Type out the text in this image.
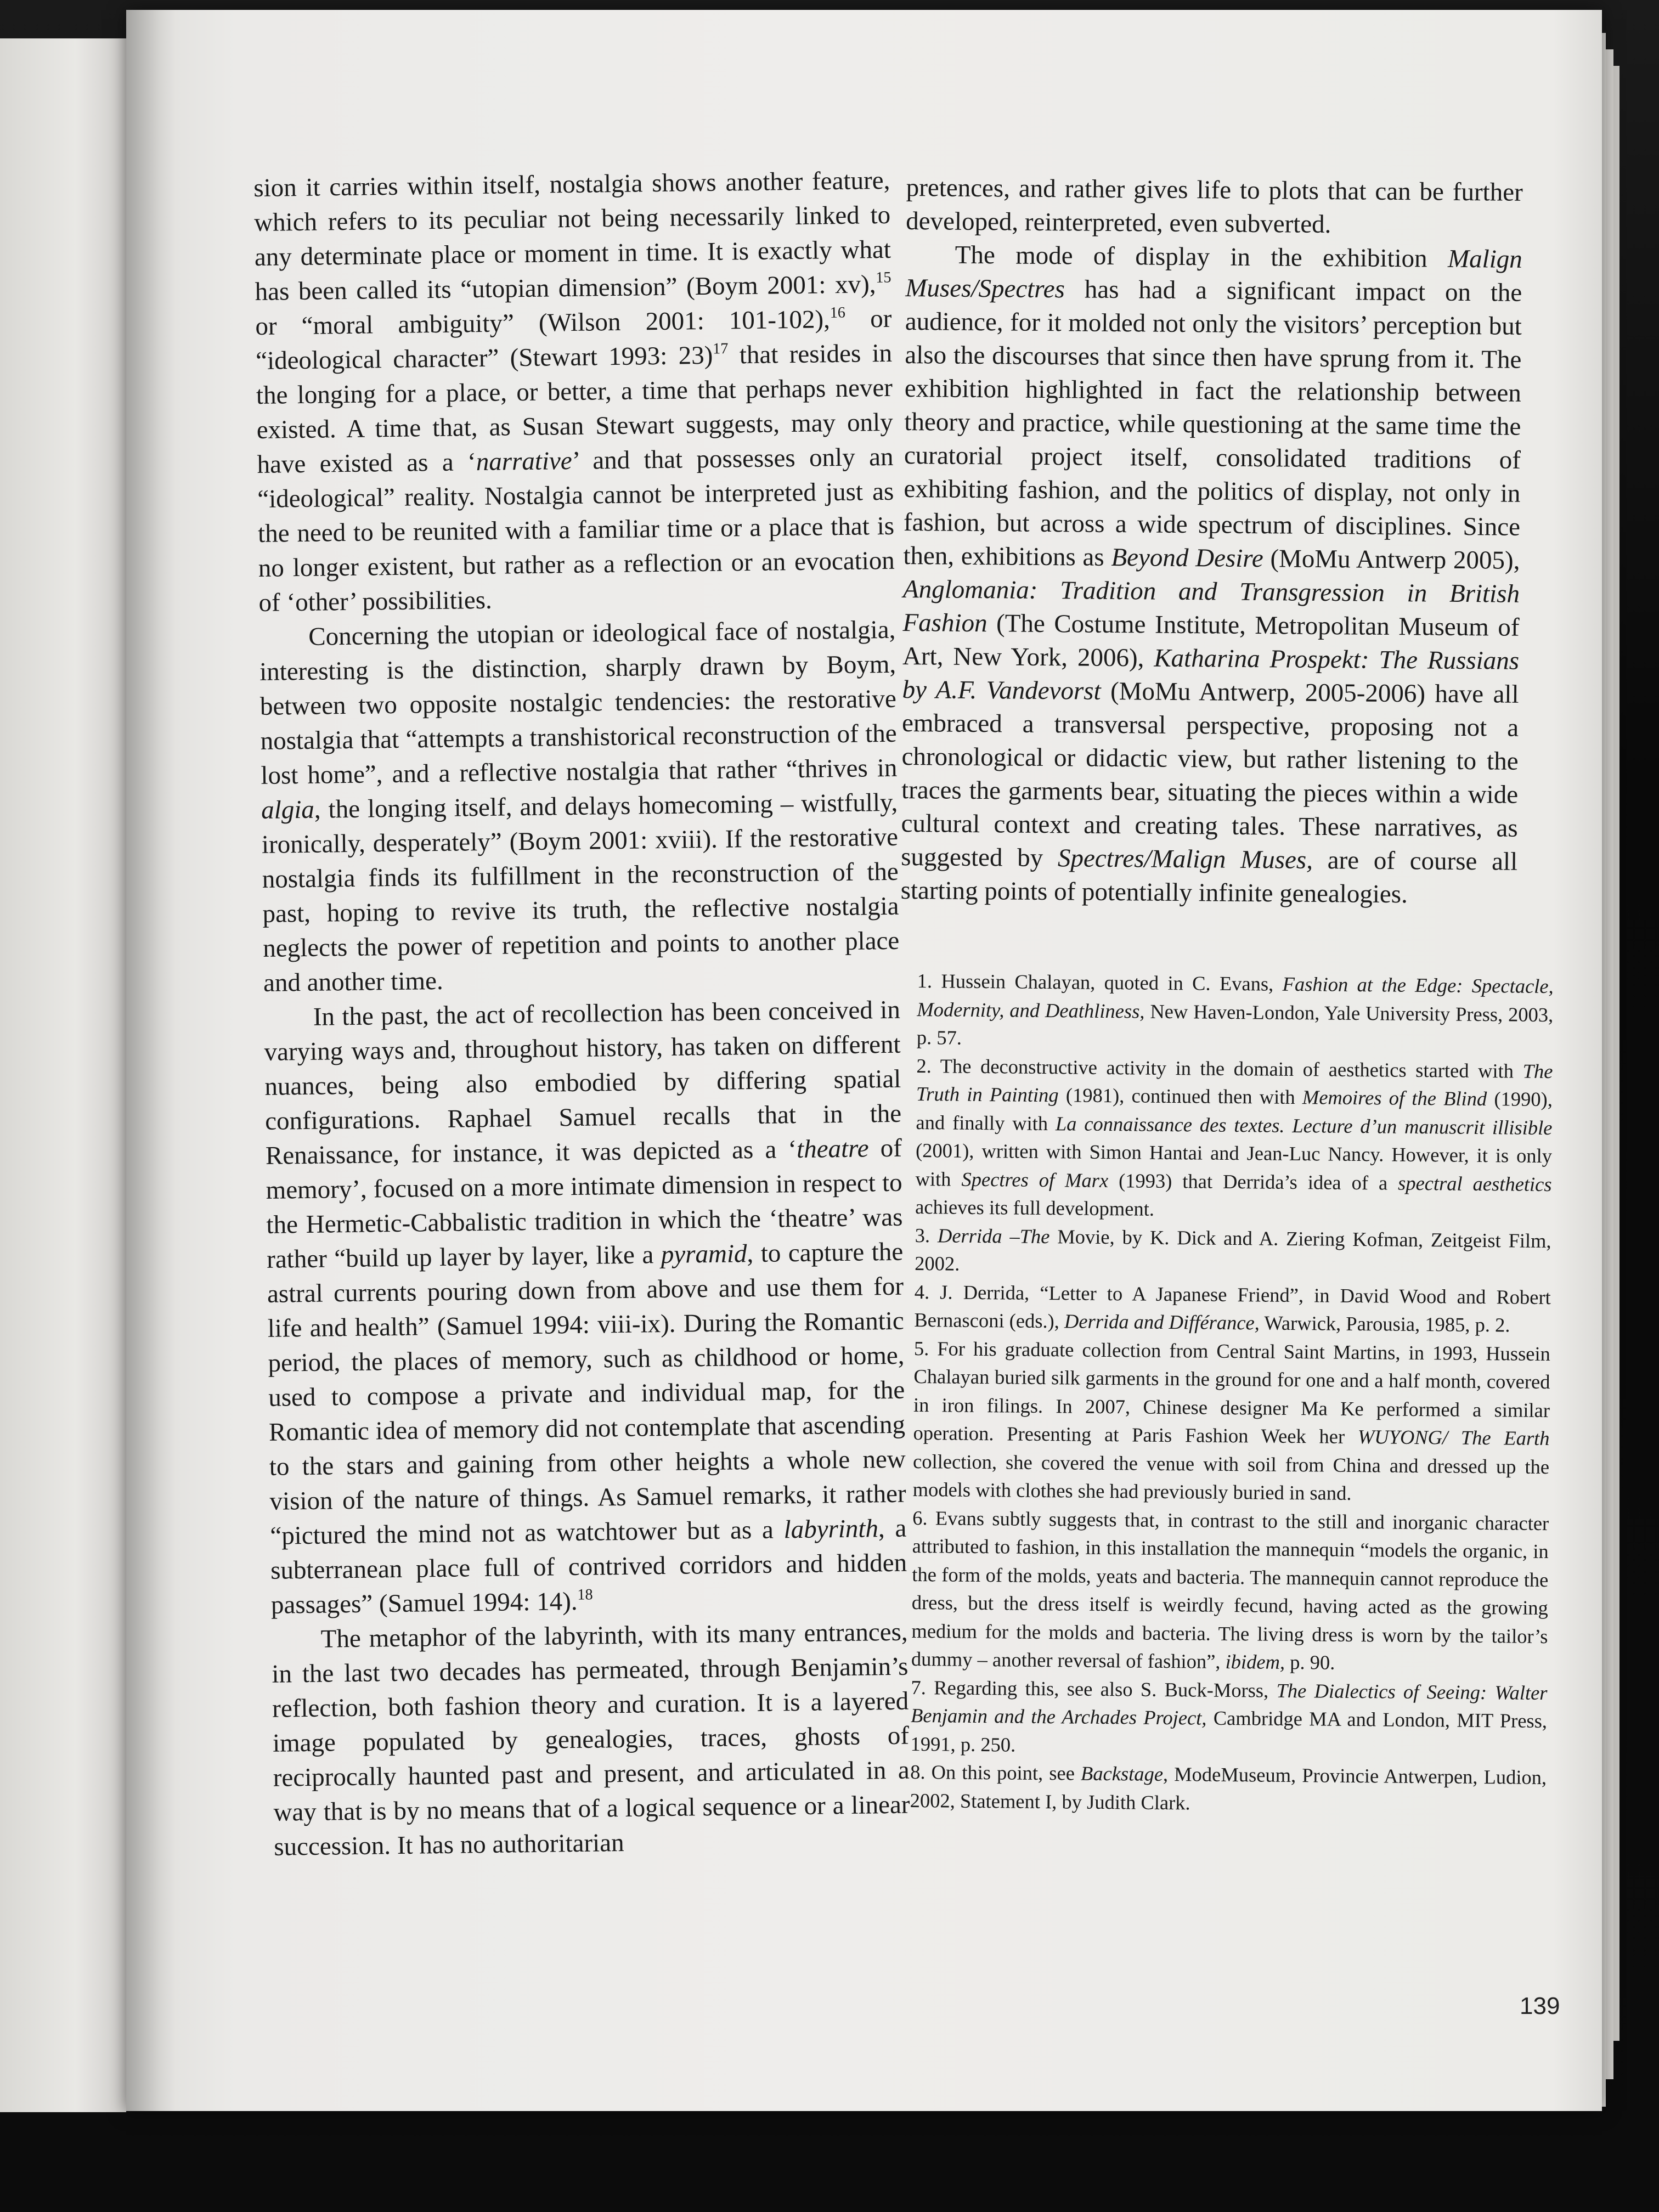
sion it carries within itself, nostalgia shows another feature, which refers to its peculiar not being necessarily linked to any determinate place or moment in time. It is exactly what has been called its “utopian dimension” (Boym 2001: xv),$^{15}$ or “moral ambiguity” (Wilson 2001: 101-102),$^{16}$ or “ideological character” (Stewart 1993: 23)$^{17}$ that resides in the longing for a place, or better, a time that perhaps never existed. A time that, as Susan Stewart suggests, may only have existed as a ‘narrative’ and that possesses only an “ideological” reality. Nostalgia cannot be interpreted just as the need to be reunited with a familiar time or a place that is no longer existent, but rather as a reflection or an evocation of ‘other’ possibilities.

Concerning the utopian or ideological face of nostalgia, interesting is the distinction, sharply drawn by Boym, between two opposite nostalgic tendencies: the restorative nostalgia that “attempts a transhistorical reconstruction of the lost home”, and a reflective nostalgia that rather “thrives in algia, the longing itself, and delays homecoming – wistfully, ironically, desperately” (Boym 2001: xviii). If the restorative nostalgia finds its fulfillment in the reconstruction of the past, hoping to revive its truth, the reflective nostalgia neglects the power of repetition and points to another place and another time.

In the past, the act of recollection has been conceived in varying ways and, throughout history, has taken on different nuances, being also embodied by differing spatial configurations. Raphael Samuel recalls that in the Renaissance, for instance, it was depicted as a ‘theatre of memory’, focused on a more intimate dimension in respect to the Hermetic-Cabbalistic tradition in which the ‘theatre’ was rather “build up layer by layer, like a pyramid, to capture the astral currents pouring down from above and use them for life and health” (Samuel 1994: viii-ix). During the Romantic period, the places of memory, such as childhood or home, used to compose a private and individual map, for the Romantic idea of memory did not contemplate that ascending to the stars and gaining from other heights a whole new vision of the nature of things. As Samuel remarks, it rather “pictured the mind not as watchtower but as a labyrinth, a subterranean place full of contrived corridors and hidden passages” (Samuel 1994: 14).$^{18}$

The metaphor of the labyrinth, with its many entrances, in the last two decades has permeated, through Benjamin’s reflection, both fashion theory and curation. It is a layered image populated by genealogies, traces, ghosts of reciprocally haunted past and present, and articulated in a way that is by no means that of a logical sequence or a linear succession. It has no authoritarian

pretences, and rather gives life to plots that can be further developed, reinterpreted, even subverted.

The mode of display in the exhibition Malign Muses/Spectres has had a significant impact on the audience, for it molded not only the visitors’ perception but also the discourses that since then have sprung from it. The exhibition highlighted in fact the relationship between theory and practice, while questioning at the same time the curatorial project itself, consolidated traditions of exhibiting fashion, and the politics of display, not only in fashion, but across a wide spectrum of disciplines. Since then, exhibitions as Beyond Desire (MoMu Antwerp 2005), Anglomania: Tradition and Transgression in British Fashion (The Costume Institute, Metropolitan Museum of Art, New York, 2006), Katharina Prospekt: The Russians by A.F. Vandevorst (MoMu Antwerp, 2005-2006) have all embraced a transversal perspective, proposing not a chronological or didactic view, but rather listening to the traces the garments bear, situating the pieces within a wide cultural context and creating tales. These narratives, as suggested by Spectres/Malign Muses, are of course all starting points of potentially infinite genealogies.

1. Hussein Chalayan, quoted in C. Evans, Fashion at the Edge: Spectacle, Modernity, and Deathliness, New Haven-London, Yale University Press, 2003, p. 57.

2. The deconstructive activity in the domain of aesthetics started with The Truth in Painting (1981), continued then with Memoires of the Blind (1990), and finally with La connaissance des textes. Lecture d’un manuscrit illisible (2001), written with Simon Hantai and Jean-Luc Nancy. However, it is only with Spectres of Marx (1993) that Derrida’s idea of a spectral aesthetics achieves its full development.

3. Derrida –The Movie, by K. Dick and A. Ziering Kofman, Zeitgeist Film, 2002.

4. J. Derrida, “Letter to A Japanese Friend”, in David Wood and Robert Bernasconi (eds.), Derrida and Différance, Warwick, Parousia, 1985, p. 2.

5. For his graduate collection from Central Saint Martins, in 1993, Hussein Chalayan buried silk garments in the ground for one and a half month, covered in iron filings. In 2007, Chinese designer Ma Ke performed a similar operation. Presenting at Paris Fashion Week her WUYONG/ The Earth collection, she covered the venue with soil from China and dressed up the models with clothes she had previously buried in sand.

6. Evans subtly suggests that, in contrast to the still and inorganic character attributed to fashion, in this installation the mannequin “models the organic, in the form of the molds, yeats and bacteria. The mannequin cannot reproduce the dress, but the dress itself is weirdly fecund, having acted as the growing medium for the molds and bacteria. The living dress is worn by the tailor’s dummy – another reversal of fashion”, ibidem, p. 90.

7. Regarding this, see also S. Buck-Morss, The Dialectics of Seeing: Walter Benjamin and the Archades Project, Cambridge MA and London, MIT Press, 1991, p. 250.

8. On this point, see Backstage, ModeMuseum, Provincie Antwerpen, Ludion, 2002, Statement I, by Judith Clark.

139
